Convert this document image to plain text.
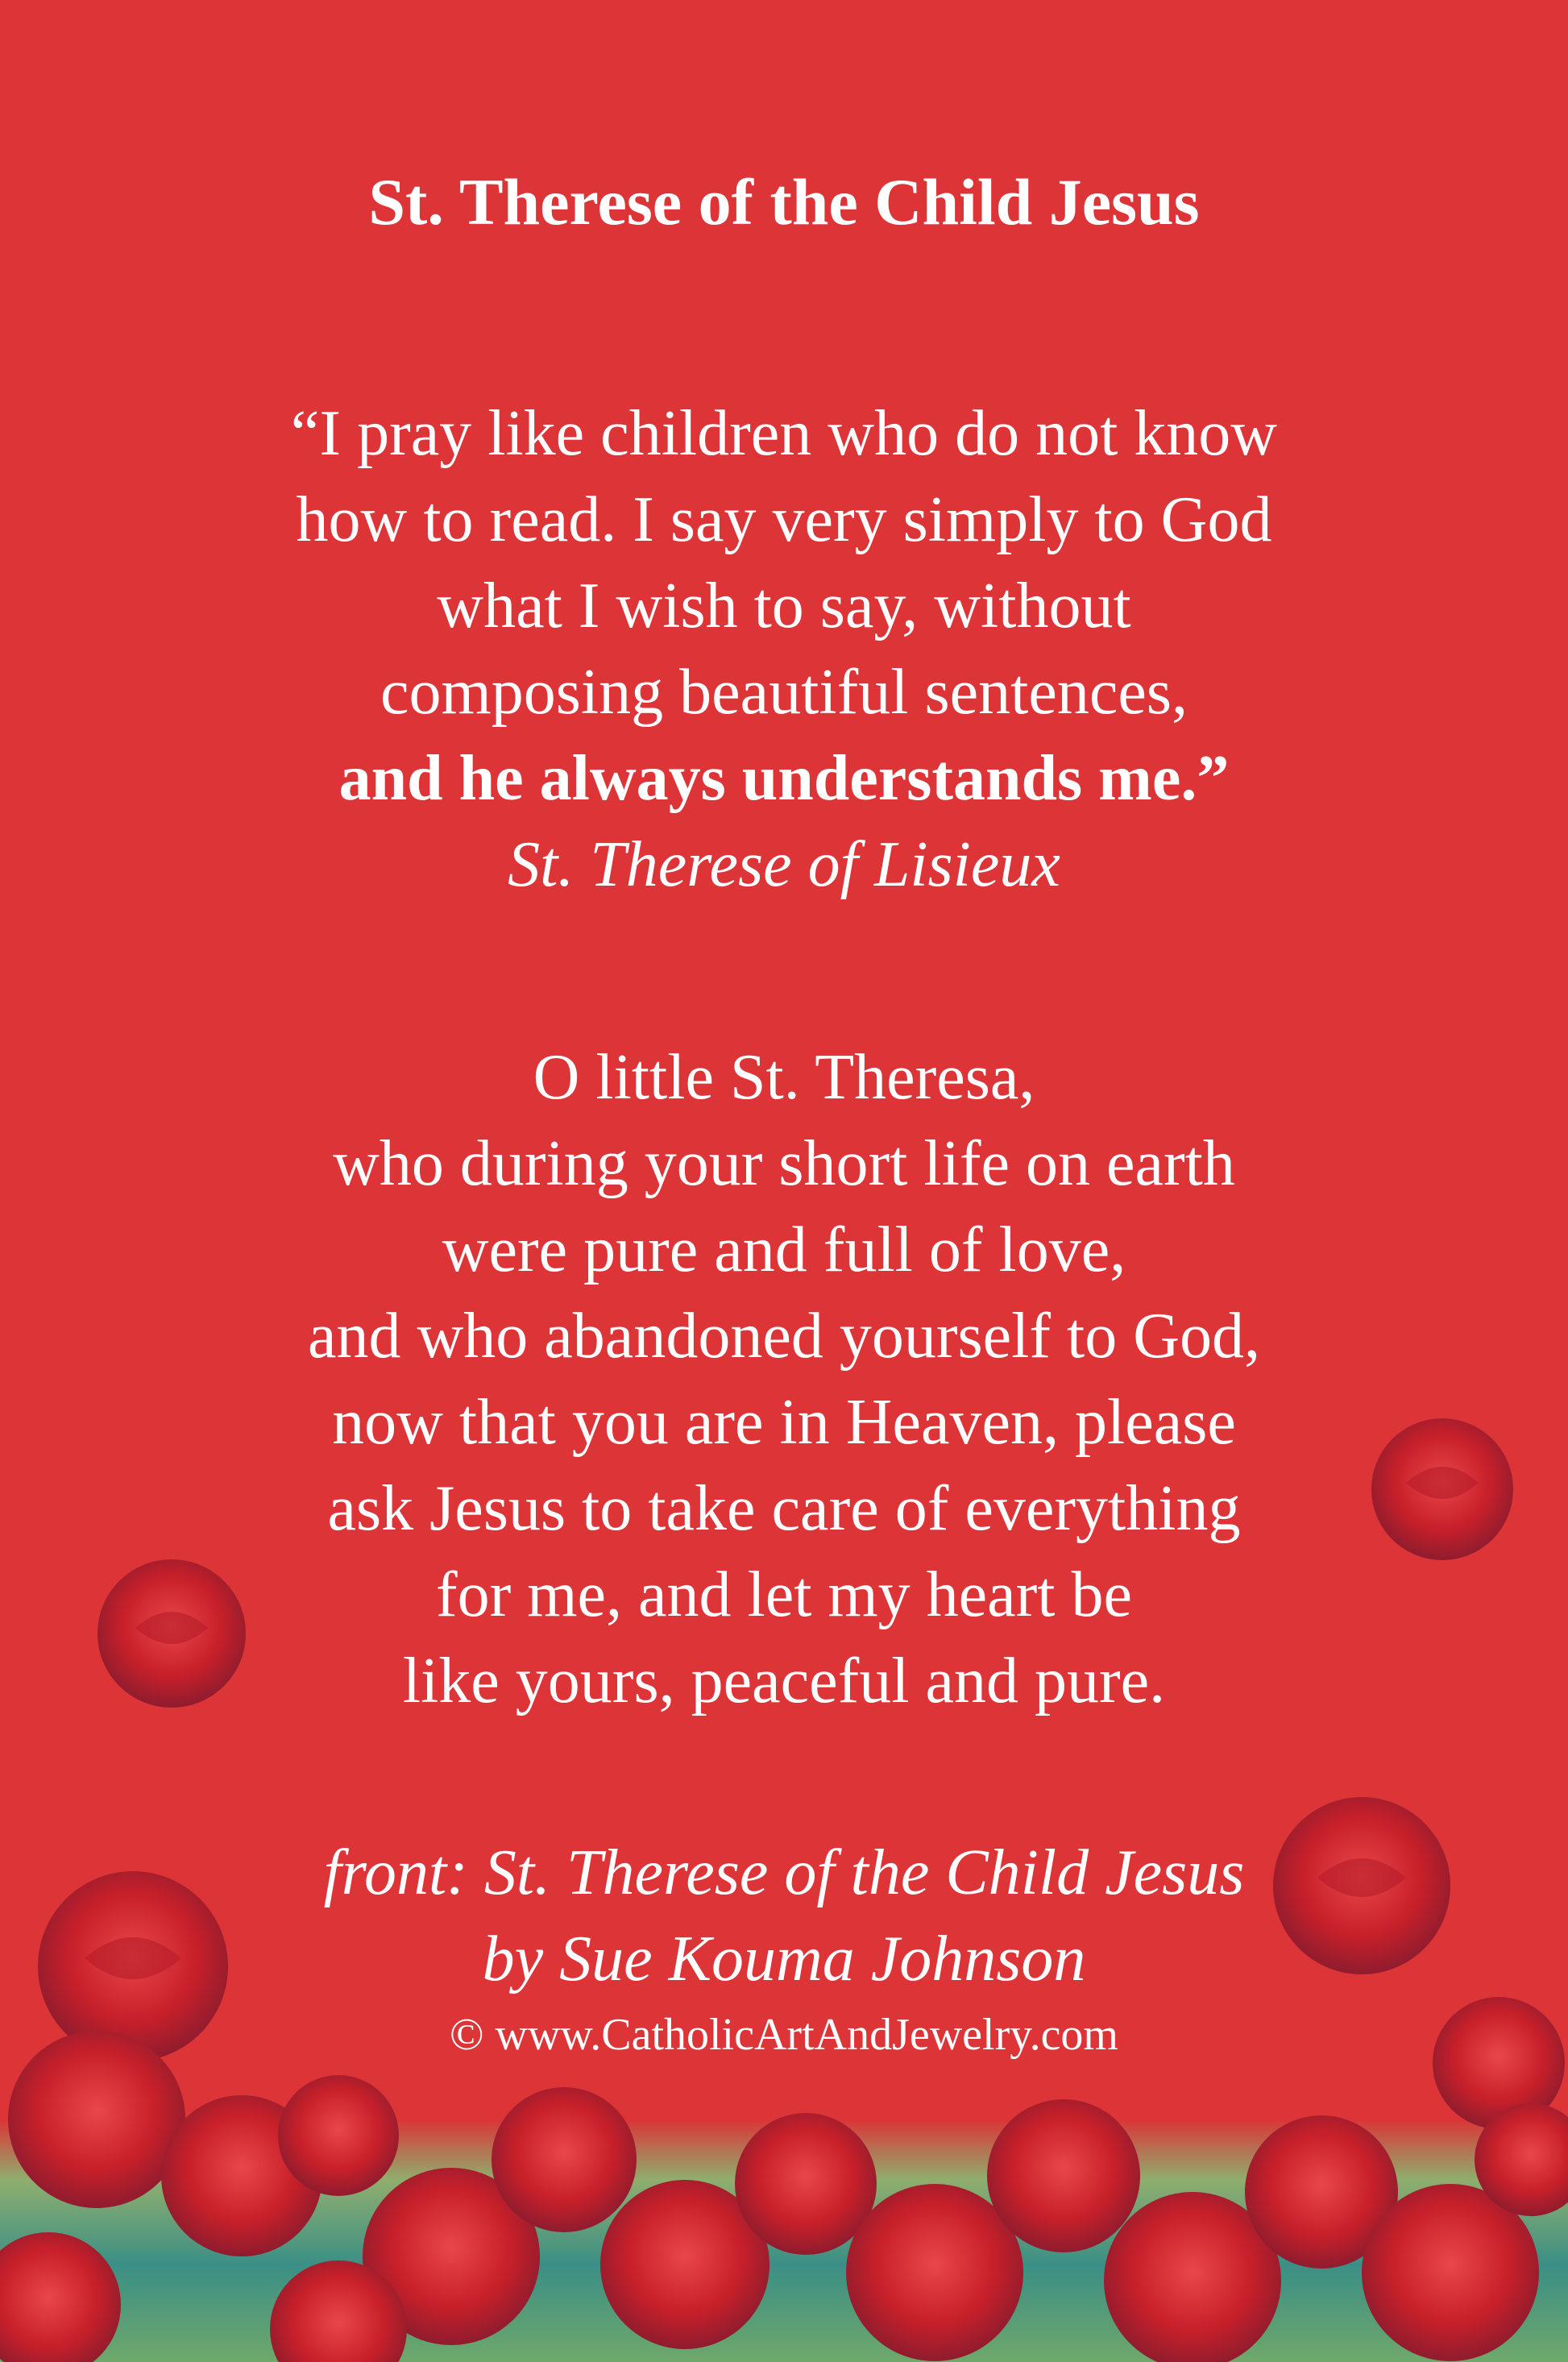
St. Therese of the Child Jesus
“I pray like children who do not know
how to read. I say very simply to God
what I wish to say, without
composing beautiful sentences,
and he always understands me.”
St. Therese of Lisieux
O little St. Theresa,
who during your short life on earth
were pure and full of love,
and who abandoned yourself to God,
now that you are in Heaven, please
ask Jesus to take care of everything
for me, and let my heart be
like yours, peaceful and pure.
front: St. Therese of the Child Jesus
by Sue Kouma Johnson
© www.CatholicArtAndJewelry.com
